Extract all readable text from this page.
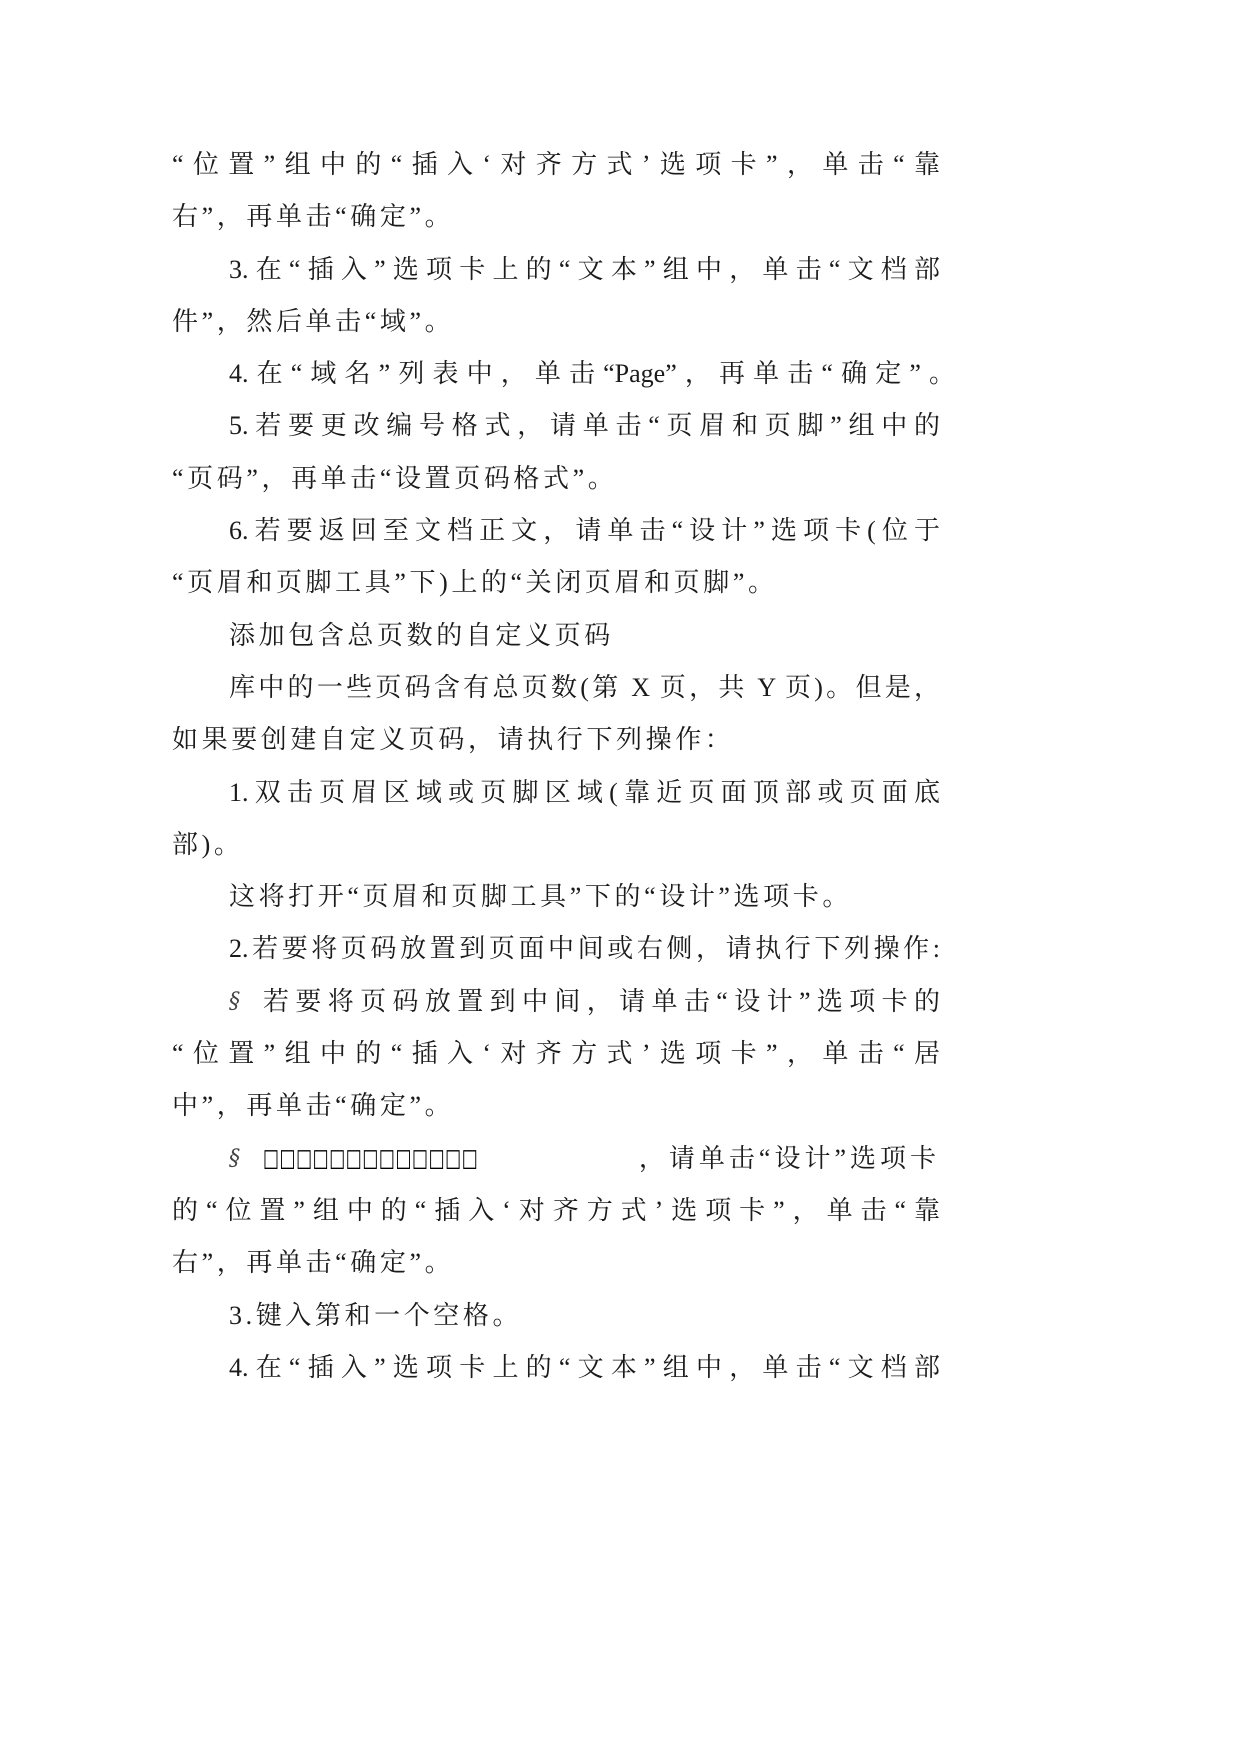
“位置”组中的“插入‘对齐方式’选项卡”，单击“靠
右”，再单击“确定”。
3.在“插入”选项卡上的“文本”组中，单击“文档部
件”，然后单击“域”。
4.在“域名”列表中，单击“Page”，再单击“确定”。
5.若要更改编号格式，请单击“页眉和页脚”组中的
“页码”，再单击“设置页码格式”。
6.若要返回至文档正文，请单击“设计”选项卡(位于
“页眉和页脚工具”下)上的“关闭页眉和页脚”。
添加包含总页数的自定义页码
库中的一些页码含有总页数(第 X 页，共 Y 页)。但是，
如果要创建自定义页码，请执行下列操作：
1.双击页眉区域或页脚区域(靠近页面顶部或页面底
部)。
这将打开“页眉和页脚工具”下的“设计”选项卡。
2.若要将页码放置到页面中间或右侧，请执行下列操作:
§ 若要将页码放置到中间，请单击“设计”选项卡的
“位置”组中的“插入‘对齐方式’选项卡”，单击“居
中”，再单击“确定”。
§	□□□□□□□□□□□□□	，请单击“设计”选项卡
的“位置”组中的“插入‘对齐方式’选项卡”，单击“靠
右”，再单击“确定”。
3.键入第和一个空格。
4.在“插入”选项卡上的“文本”组中，单击“文档部
